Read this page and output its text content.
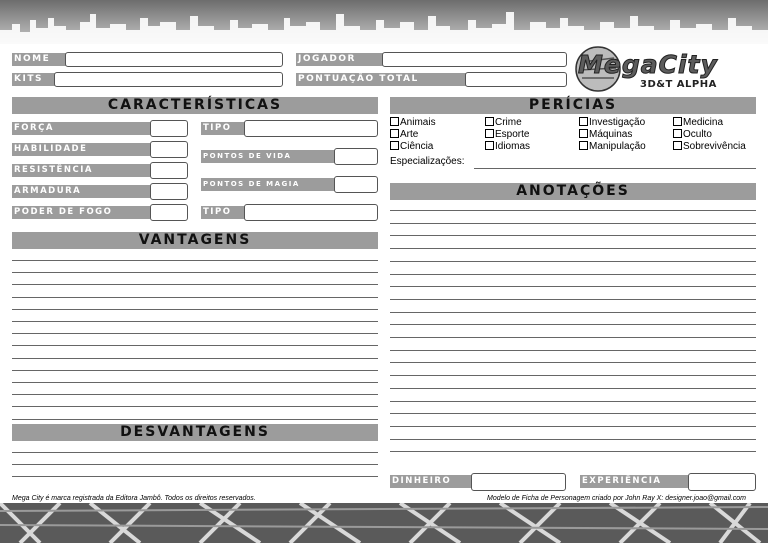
NOME	JOGADOR
KITS	PONTUAÇÃO TOTAL	MegaCity
3D&T ALPHA
CARACTERÍSTICAS
FORÇA	TIPO
HABILIDADE
PONTOS DE VIDA
RESISTÊNCIA
PONTOS DE MAGIA
ARMADURA
PODER DE FOGO	TIPO
VANTAGENS
DESVANTAGENS
PERÍCIAS
Animais	Crime	Investigação	Medicina
Arte	Esporte	Máquinas	Oculto
Ciência	Idiomas	Manipulação	Sobrevivência
Especializações:
ANOTAÇÕES
DINHEIRO	EXPERIÊNCIA
Mega City é marca registrada da Editora Jambô. Todos os direitos reservados.	Modelo de Ficha de Personagem criado por John Ray X: designer.joao@gmail.com
